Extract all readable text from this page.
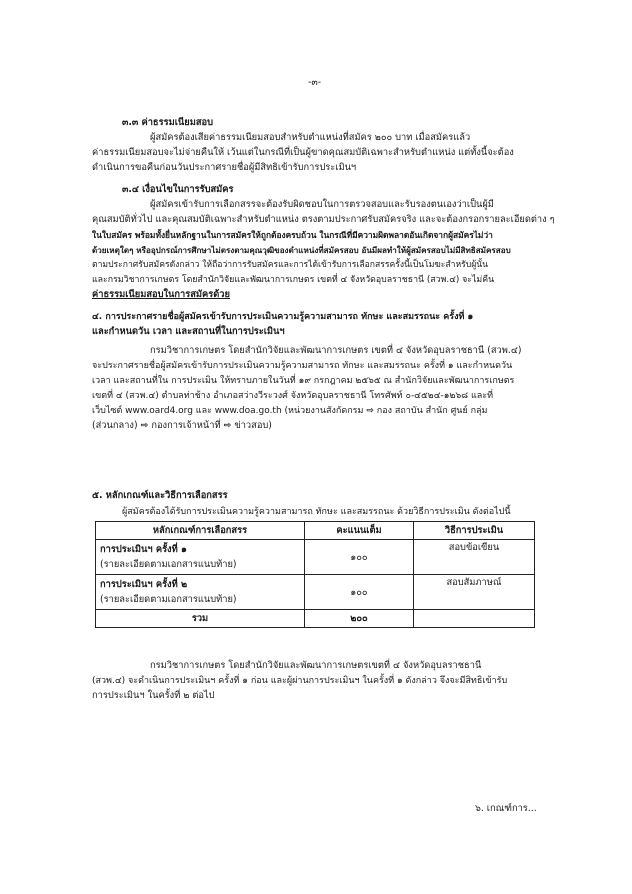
-๓-
๓.๓ ค่าธรรมเนียมสอบ
ผู้สมัครต้องเสียค่าธรรมเนียมสอบสำหรับตำแหน่งที่สมัคร ๒๐๐ บาท เมื่อสมัครแล้ว
ค่าธรรมเนียมสอบจะไม่จ่ายคืนให้ เว้นแต่ในกรณีที่เป็นผู้ขาดคุณสมบัติเฉพาะสำหรับตำแหน่ง แต่ทั้งนี้จะต้อง
ดำเนินการขอคืนก่อนวันประกาศรายชื่อผู้มีสิทธิเข้ารับการประเมินฯ
๓.๔ เงื่อนไขในการรับสมัคร
ผู้สมัครเข้ารับการเลือกสรรจะต้องรับผิดชอบในการตรวจสอบและรับรองตนเองว่าเป็นผู้มี
คุณสมบัติทั่วไป และคุณสมบัติเฉพาะสำหรับตำแหน่ง ตรงตามประกาศรับสมัครจริง และจะต้องกรอกรายละเอียดต่าง ๆ
ในใบสมัคร พร้อมทั้งยื่นหลักฐานในการสมัครให้ถูกต้องครบถ้วน ในกรณีที่มีความผิดพลาดอันเกิดจากผู้สมัครไม่ว่า
ด้วยเหตุใดๆ หรืออุปกรณ์การศึกษาไม่ตรงตามคุณวุฒิของตำแหน่งที่สมัครสอบ อันมีผลทำให้ผู้สมัครสอบไม่มีสิทธิสมัครสอบ
ตามประกาศรับสมัครดังกล่าว ให้ถือว่าการรับสมัครและการได้เข้ารับการเลือกสรรครั้งนี้เป็นโมฆะสำหรับผู้นั้น
และกรมวิชาการเกษตร โดยสำนักวิจัยและพัฒนาการเกษตร เขตที่ ๔ จังหวัดอุบลราชธานี (สวพ.๔) จะไม่คืน
ค่าธรรมเนียมสอบในการสมัครด้วย
๔. การประกาศรายชื่อผู้สมัครเข้ารับการประเมินความรู้ความสามารถ ทักษะ และสมรรถนะ ครั้งที่ ๑
และกำหนดวัน เวลา และสถานที่ในการประเมินฯ
กรมวิชาการเกษตร โดยสำนักวิจัยและพัฒนาการเกษตร เขตที่ ๔ จังหวัดอุบลราชธานี (สวพ.๔)
จะประกาศรายชื่อผู้สมัครเข้ารับการประเมินความรู้ความสามารถ ทักษะ และสมรรถนะ ครั้งที่ ๑ และกำหนดวัน
เวลา และสถานที่ใน การประเมิน ให้ทราบภายในวันที่ ๑๙ กรกฎาคม ๒๕๖๕ ณ สำนักวิจัยและพัฒนาการเกษตร
เขตที่ ๔ (สวพ.๔) ตำบลท่าช้าง อำเภอสว่างวีระวงศ์ จังหวัดอุบลราชธานี โทรศัพท์ ๐-๔๕๒๔-๑๒๖๘ และที่
เว็บไซต์ www.oard4.org และ www.doa.go.th (หน่วยงานสังกัดกรม ⇨ กอง สถาบัน สำนัก ศูนย์ กลุ่ม
(ส่วนกลาง) ⇨ กองการเจ้าหน้าที่ ⇨ ข่าวสอบ)
๕. หลักเกณฑ์และวิธีการเลือกสรร
ผู้สมัครต้องได้รับการประเมินความรู้ความสามารถ ทักษะ และสมรรถนะ ด้วยวิธีการประเมิน ดังต่อไปนี้
หลักเกณฑ์การเลือกสรร	คะแนนเต็ม	วิธีการประเมิน

การประเมินฯ ครั้งที่ ๑
(รายละเอียดตามเอกสารแนบท้าย)	๑๐๐	สอบข้อเขียน

การประเมินฯ ครั้งที่ ๒
(รายละเอียดตามเอกสารแนบท้าย)	๑๐๐	สอบสัมภาษณ์
รวม	๒๐๐	
กรมวิชาการเกษตร โดยสำนักวิจัยและพัฒนาการเกษตรเขตที่ ๔ จังหวัดอุบลราชธานี
(สวพ.๔) จะดำเนินการประเมินฯ ครั้งที่ ๑ ก่อน และผู้ผ่านการประเมินฯ ในครั้งที่ ๑ ดังกล่าว จึงจะมีสิทธิเข้ารับ
การประเมินฯ ในครั้งที่ ๒ ต่อไป
๖. เกณฑ์การ...
